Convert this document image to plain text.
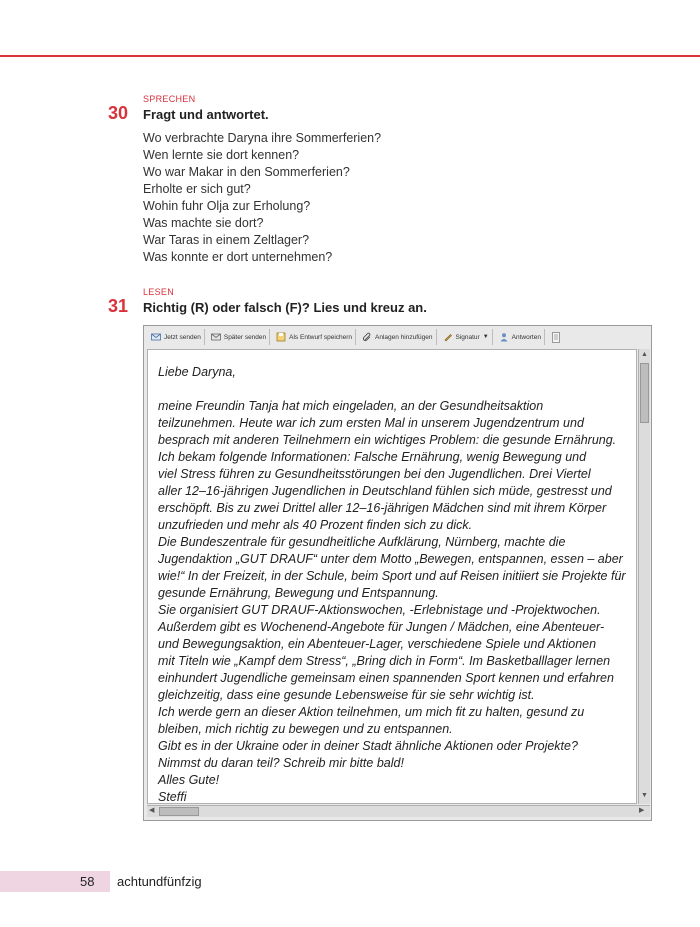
SPRECHEN
30 Fragt und antwortet.
Wo verbrachte Daryna ihre Sommerferien?
Wen lernte sie dort kennen?
Wo war Makar in den Sommerferien?
Erholte er sich gut?
Wohin fuhr Olja zur Erholung?
Was machte sie dort?
War Taras in einem Zeltlager?
Was konnte er dort unternehmen?
LESEN
31 Richtig (R) oder falsch (F)? Lies und kreuz an.
Jetzt senden	Später senden	Als Entwurf speichern	Anlagen hinzufügen	Signatur ▼	Antworten

Liebe Daryna,

meine Freundin Tanja hat mich eingeladen, an der Gesundheitsaktion

teilzunehmen. Heute war ich zum ersten Mal in unserem Jugendzentrum und

besprach mit anderen Teilnehmern ein wichtiges Problem: die gesunde Ernährung.

Ich bekam folgende Informationen: Falsche Ernährung, wenig Bewegung und

viel Stress führen zu Gesundheitsstörungen bei den Jugendlichen. Drei Viertel

aller 12–16-jährigen Jugendlichen in Deutschland fühlen sich müde, gestresst und

erschöpft. Bis zu zwei Drittel aller 12–16-jährigen Mädchen sind mit ihrem Körper

unzufrieden und mehr als 40 Prozent finden sich zu dick.

Die Bundeszentrale für gesundheitliche Aufklärung, Nürnberg, machte die

Jugendaktion „GUT DRAUF“ unter dem Motto „Bewegen, entspannen, essen – aber

wie!“ In der Freizeit, in der Schule, beim Sport und auf Reisen initiiert sie Projekte für

gesunde Ernährung, Bewegung und Entspannung.

Sie organisiert GUT DRAUF-Aktionswochen, -Erlebnistage und -Projektwochen.

Außerdem gibt es Wochenend-Angebote für Jungen / Mädchen, eine Abenteuer-

und Bewegungsaktion, ein Abenteuer-Lager, verschiedene Spiele und Aktionen

mit Titeln wie „Kampf dem Stress“, „Bring dich in Form“. Im Basketballlager lernen

einhundert Jugendliche gemeinsam einen spannenden Sport kennen und erfahren

gleichzeitig, dass eine gesunde Lebensweise für sie sehr wichtig ist.

Ich werde gern an dieser Aktion teilnehmen, um mich fit zu halten, gesund zu

bleiben, mich richtig zu bewegen und zu entspannen.

Gibt es in der Ukraine oder in deiner Stadt ähnliche Aktionen oder Projekte?

Nimmst du daran teil? Schreib mir bitte bald!

Alles Gute!

Steffi

▲
▼
◀	▶
58 achtundfünfzig
